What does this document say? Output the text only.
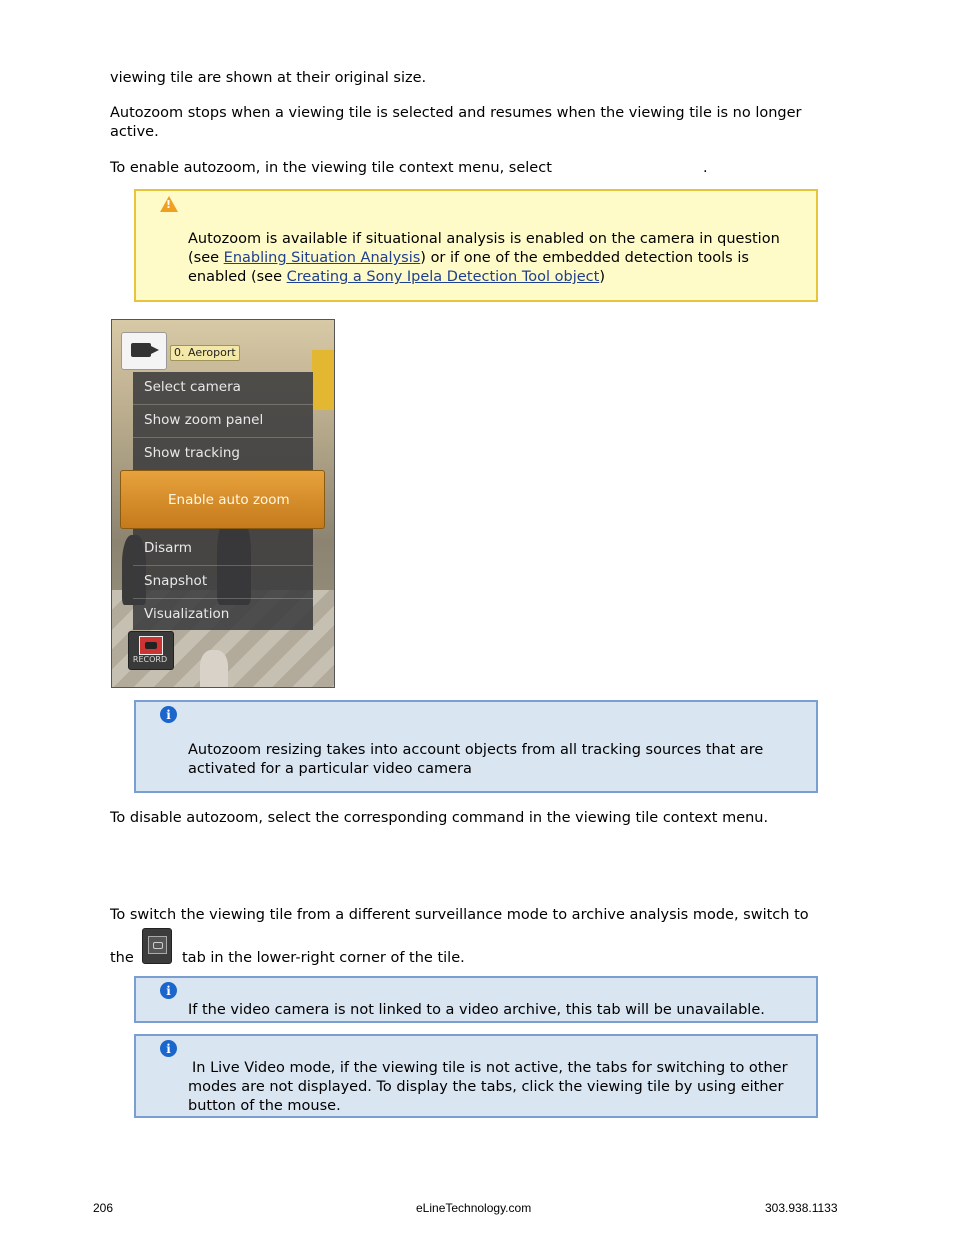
viewing tile are shown at their original size.

Autozoom stops when a viewing tile is selected and resumes when the viewing tile is no longer active.

To enable autozoom, in the viewing tile context menu, select	.
!
Autozoom is available if situational analysis is enabled on the camera in question (see Enabling Situation Analysis) or if one of the embedded detection tools is enabled (see Creating a Sony Ipela Detection Tool object)
0. Aeroport
Select camera
Show zoom panel
Show tracking
Enable auto zoom
Disarm
Snapshot
Visualization
RECORD
i
Autozoom resizing takes into account objects from all tracking sources that are activated for a particular video camera

To disable autozoom, select the corresponding command in the viewing tile context menu.

To switch the viewing tile from a different surveillance mode to archive analysis mode, switch to

the	tab in the lower-right corner of the tile.
i
If the video camera is not linked to a video archive, this tab will be unavailable.
i
In Live Video mode, if the viewing tile is not active, the tabs for switching to other modes are not displayed. To display the tabs, click the viewing tile by using either button of the mouse.
206	eLineTechnology.com	303.938.1133
